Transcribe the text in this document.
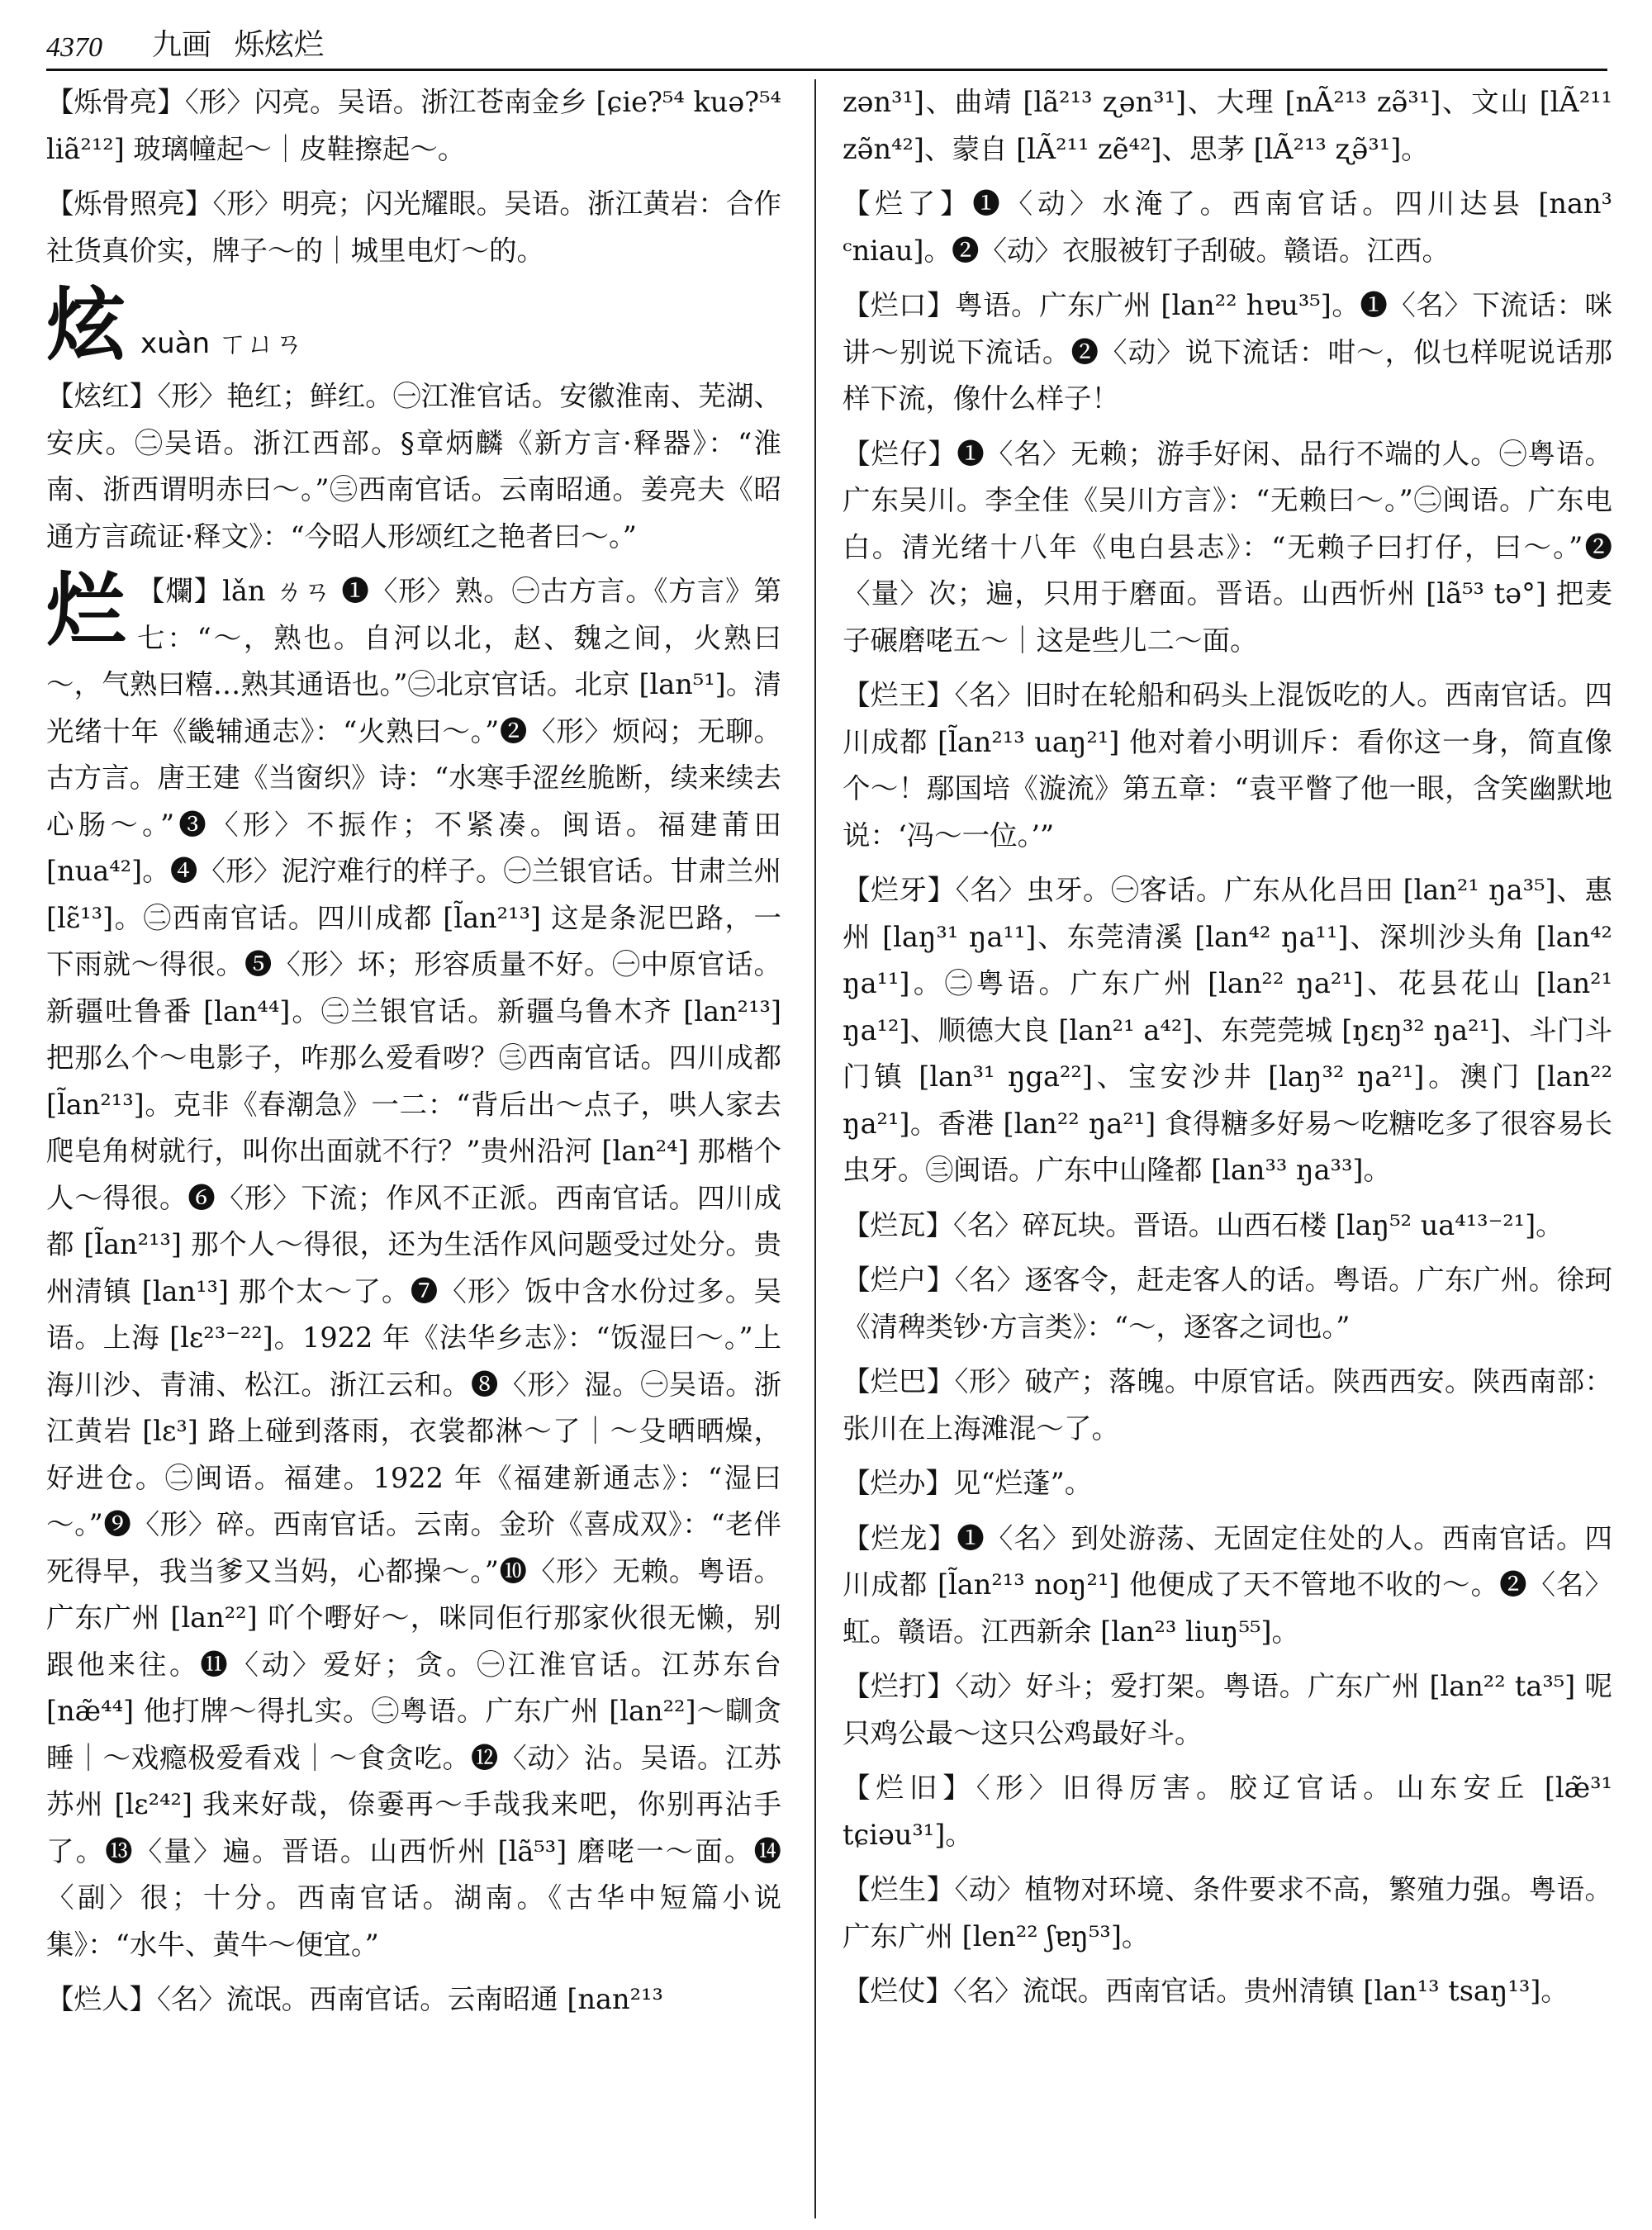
4370 九画 烁炫烂

【烁骨亮】〈形〉闪亮。吴语。浙江苍南金乡 [ɕie?⁵⁴ kuə?⁵⁴ liã²¹²] 玻璃幢起～｜皮鞋擦起～。

【烁骨照亮】〈形〉明亮；闪光耀眼。吴语。浙江黄岩：合作社货真价实，牌子～的｜城里电灯～的。

炫 xuàn ㄒㄩㄢ

【炫红】〈形〉艳红；鲜红。㊀江淮官话。安徽淮南、芜湖、安庆。㊁吴语。浙江西部。§章炳麟《新方言·释器》：“淮南、浙西谓明赤曰～。”㊂西南官话。云南昭通。姜亮夫《昭通方言疏证·释文》：“今昭人形颂红之艳者曰～。”

烂 【爛】lǎn ㄌㄢ ❶〈形〉熟。㊀古方言。《方言》第七：“～，熟也。自河以北，赵、魏之间，火熟曰～，气熟曰糦…熟其通语也。”㊁北京官话。北京 [lan⁵¹]。清光绪十年《畿辅通志》：“火熟曰～。”❷〈形〉烦闷；无聊。古方言。唐王建《当窗织》诗：“水寒手涩丝脆断，续来续去心肠～。”❸〈形〉不振作；不紧凑。闽语。福建莆田 [nua⁴²]。❹〈形〉泥泞难行的样子。㊀兰银官话。甘肃兰州 [lɛ̃¹³]。㊁西南官话。四川成都 [l̃an²¹³] 这是条泥巴路，一下雨就～得很。❺〈形〉坏；形容质量不好。㊀中原官话。新疆吐鲁番 [lan⁴⁴]。㊁兰银官话。新疆乌鲁木齐 [lan²¹³] 把那么个～电影子，咋那么爱看哕？㊂西南官话。四川成都 [l̃an²¹³]。克非《春潮急》一二：“背后出～点子，哄人家去爬皂角树就行，叫你出面就不行？”贵州沿河 [lan²⁴] 那楷个人～得很。❻〈形〉下流；作风不正派。西南官话。四川成都 [l̃an²¹³] 那个人～得很，还为生活作风问题受过处分。贵州清镇 [lan¹³] 那个太～了。❼〈形〉饭中含水份过多。吴语。上海 [lɛ²³⁻²²]。1922 年《法华乡志》：“饭湿曰～。”上海川沙、青浦、松江。浙江云和。❽〈形〉湿。㊀吴语。浙江黄岩 [lɛ³] 路上碰到落雨，衣裳都淋～了｜～殳晒晒燥，好进仓。㊁闽语。福建。1922 年《福建新通志》：“湿曰～。”❾〈形〉碎。西南官话。云南。金玠《喜成双》：“老伴死得早，我当爹又当妈，心都操～。”❿〈形〉无赖。粤语。广东广州 [lan²²] 吖个嘢好～，咪同佢行那家伙很无懒，别跟他来往。⓫〈动〉爱好；贪。㊀江淮官话。江苏东台 [næ̃⁴⁴] 他打牌～得扎实。㊁粤语。广东广州 [lan²²]～瞓贪睡｜～戏瘾极爱看戏｜～食贪吃。⓬〈动〉沾。吴语。江苏苏州 [lɛ²⁴²] 我来好哉，倷嫑再～手哉我来吧，你别再沾手了。⓭〈量〉遍。晋语。山西忻州 [lã⁵³] 磨咾一～面。⓮〈副〉很；十分。西南官话。湖南。《古华中短篇小说集》：“水牛、黄牛～便宜。”

【烂人】〈名〉流氓。西南官话。云南昭通 [nan²¹³

zən³¹]、曲靖 [lã²¹³ ʐən³¹]、大理 [nÃ²¹³ zə̃³¹]、文山 [lÃ²¹¹ zə̃n⁴²]、蒙自 [lÃ²¹¹ zẽ⁴²]、思茅 [lÃ²¹³ ʐə̃³¹]。

【烂了】❶〈动〉水淹了。西南官话。四川达县 [nan³ ᶜniau]。❷〈动〉衣服被钉子刮破。赣语。江西。

【烂口】粤语。广东广州 [lan²² hɐu³⁵]。❶〈名〉下流话：咪讲～别说下流话。❷〈动〉说下流话：咁～，似乜样呢说话那样下流，像什么样子！

【烂仔】❶〈名〉无赖；游手好闲、品行不端的人。㊀粤语。广东吴川。李全佳《吴川方言》：“无赖曰～。”㊁闽语。广东电白。清光绪十八年《电白县志》：“无赖子曰打仔，曰～。”❷〈量〉次；遍，只用于磨面。晋语。山西忻州 [lã⁵³ tə°] 把麦子碾磨咾五～｜这是些儿二～面。

【烂王】〈名〉旧时在轮船和码头上混饭吃的人。西南官话。四川成都 [l̃an²¹³ uaŋ²¹] 他对着小明训斥：看你这一身，简直像个～！鄢国培《漩流》第五章：“袁平瞥了他一眼，含笑幽默地说：‘冯～一位。’”

【烂牙】〈名〉虫牙。㊀客话。广东从化吕田 [lan²¹ ŋa³⁵]、惠州 [laŋ³¹ ŋa¹¹]、东莞清溪 [lan⁴² ŋa¹¹]、深圳沙头角 [lan⁴² ŋa¹¹]。㊁粤语。广东广州 [lan²² ŋa²¹]、花县花山 [lan²¹ ŋa¹²]、顺德大良 [lan²¹ a⁴²]、东莞莞城 [ŋɛŋ³² ŋa²¹]、斗门斗门镇 [lan³¹ ŋga²²]、宝安沙井 [laŋ³² ŋa²¹]。澳门 [lan²² ŋa²¹]。香港 [lan²² ŋa²¹] 食得糖多好易～吃糖吃多了很容易长虫牙。㊂闽语。广东中山隆都 [lan³³ ŋa³³]。

【烂瓦】〈名〉碎瓦块。晋语。山西石楼 [laŋ⁵² ua⁴¹³⁻²¹]。

【烂户】〈名〉逐客令，赶走客人的话。粤语。广东广州。徐珂《清稗类钞·方言类》：“～，逐客之词也。”

【烂巴】〈形〉破产；落魄。中原官话。陕西西安。陕西南部：张川在上海滩混～了。

【烂办】见“烂蓬”。

【烂龙】❶〈名〉到处游荡、无固定住处的人。西南官话。四川成都 [l̃an²¹³ noŋ²¹] 他便成了天不管地不收的～。❷〈名〉虹。赣语。江西新余 [lan²³ liuŋ⁵⁵]。

【烂打】〈动〉好斗；爱打架。粤语。广东广州 [lan²² ta³⁵] 呢只鸡公最～这只公鸡最好斗。

【烂旧】〈形〉旧得厉害。胶辽官话。山东安丘 [læ̃³¹ tɕiəu³¹]。

【烂生】〈动〉植物对环境、条件要求不高，繁殖力强。粤语。广东广州 [len²² ʃɐŋ⁵³]。

【烂仗】〈名〉流氓。西南官话。贵州清镇 [lan¹³ tsaŋ¹³]。
